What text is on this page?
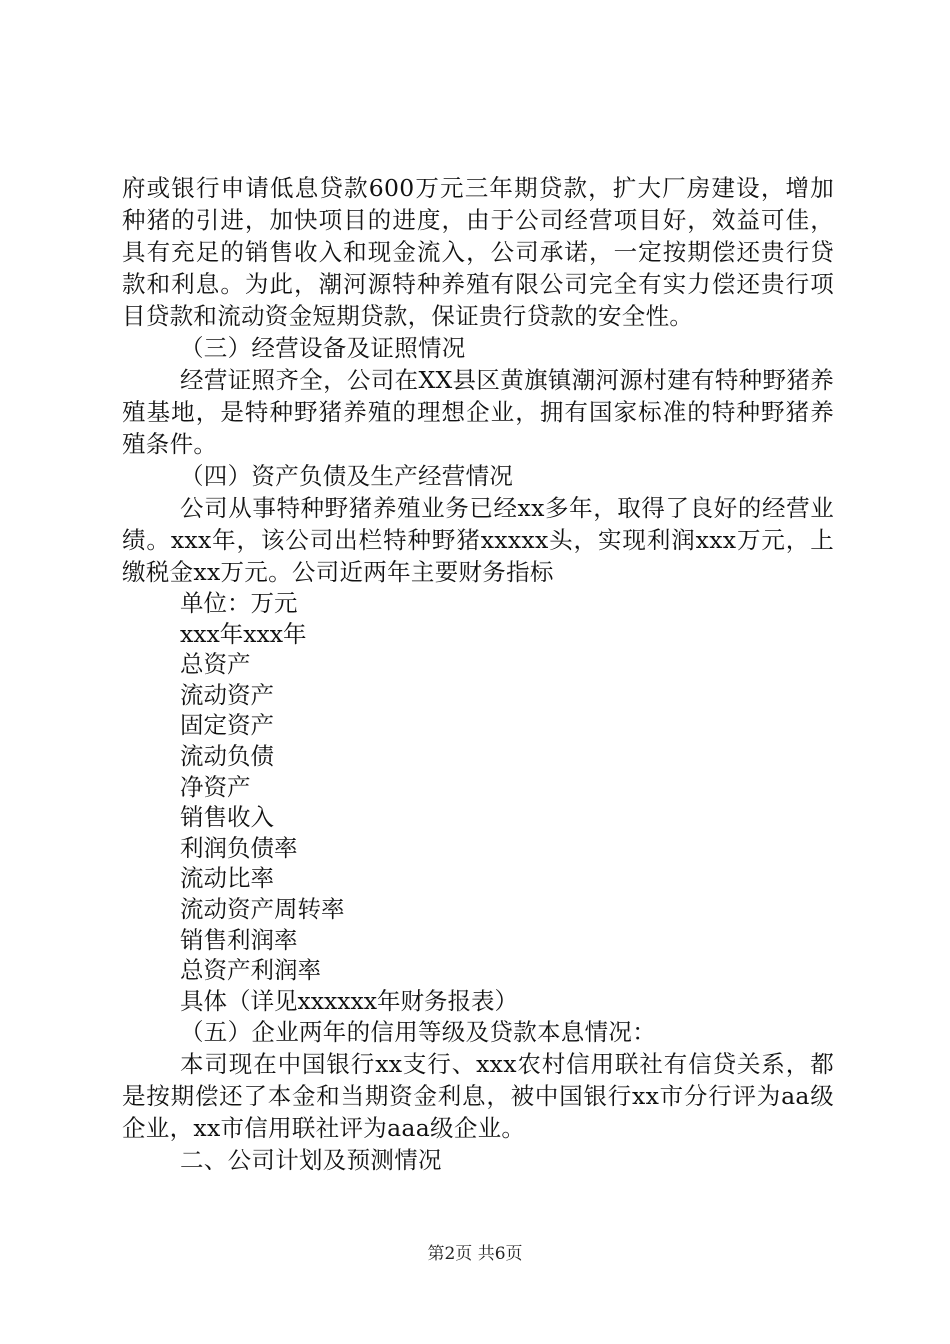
府或银行申请低息贷款600万元三年期贷款，扩大厂房建设，增加种猪的引进，加快项目的进度，由于公司经营项目好，效益可佳，具有充足的销售收入和现金流入，公司承诺，一定按期偿还贵行贷款和利息。为此，潮河源特种养殖有限公司完全有实力偿还贵行项目贷款和流动资金短期贷款，保证贵行贷款的安全性。

（三）经营设备及证照情况

经营证照齐全，公司在XX县区黄旗镇潮河源村建有特种野猪养殖基地，是特种野猪养殖的理想企业，拥有国家标准的特种野猪养殖条件。

（四）资产负债及生产经营情况

公司从事特种野猪养殖业务已经xx多年，取得了良好的经营业绩。xxx年，该公司出栏特种野猪xxxxx头，实现利润xxx万元，上缴税金xx万元。公司近两年主要财务指标

单位：万元
xxx年xxx年
总资产
流动资产
固定资产
流动负债
净资产
销售收入
利润负债率
流动比率
流动资产周转率
销售利润率
总资产利润率
具体（详见xxxxxx年财务报表）

（五）企业两年的信用等级及贷款本息情况：

本司现在中国银行xx支行、xxx农村信用联社有信贷关系，都是按期偿还了本金和当期资金利息，被中国银行xx市分行评为aa级企业，xx市信用联社评为aaa级企业。

二、公司计划及预测情况

第2页 共6页
